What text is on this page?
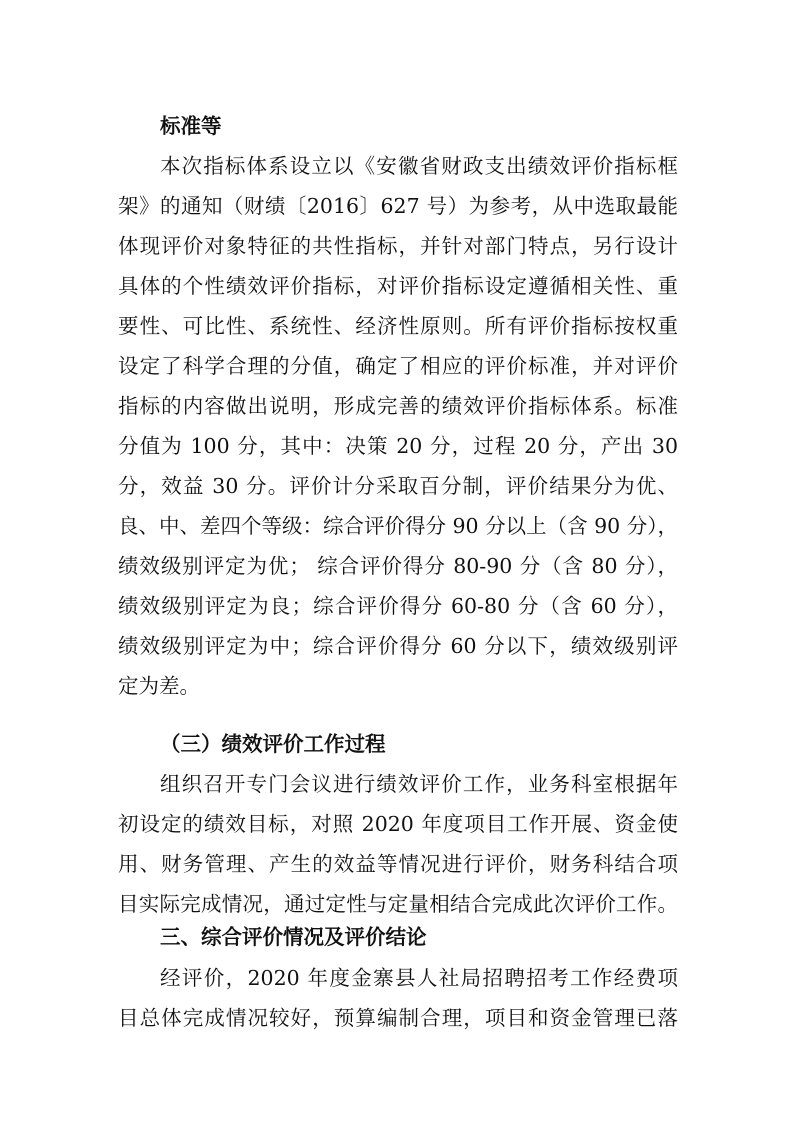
标准等
本次指标体系设立以《安徽省财政支出绩效评价指标框
架》的通知（财绩〔2016〕627 号）为参考，从中选取最能
体现评价对象特征的共性指标，并针对部门特点，另行设计
具体的个性绩效评价指标，对评价指标设定遵循相关性、重
要性、可比性、系统性、经济性原则。所有评价指标按权重
设定了科学合理的分值，确定了相应的评价标准，并对评价
指标的内容做出说明，形成完善的绩效评价指标体系。标准
分值为 100 分，其中：决策 20 分，过程 20 分，产出 30
分，效益 30 分。评价计分采取百分制，评价结果分为优、
良、中、差四个等级：综合评价得分 90 分以上（含 90 分），
绩效级别评定为优； 综合评价得分 80-90 分（含 80 分），
绩效级别评定为良；综合评价得分 60-80 分（含 60 分），
绩效级别评定为中；综合评价得分 60 分以下，绩效级别评
定为差。
（三）绩效评价工作过程
组织召开专门会议进行绩效评价工作，业务科室根据年
初设定的绩效目标，对照 2020 年度项目工作开展、资金使
用、财务管理、产生的效益等情况进行评价，财务科结合项
目实际完成情况，通过定性与定量相结合完成此次评价工作。
三、综合评价情况及评价结论
经评价，2020 年度金寨县人社局招聘招考工作经费项
目总体完成情况较好，预算编制合理，项目和资金管理已落
